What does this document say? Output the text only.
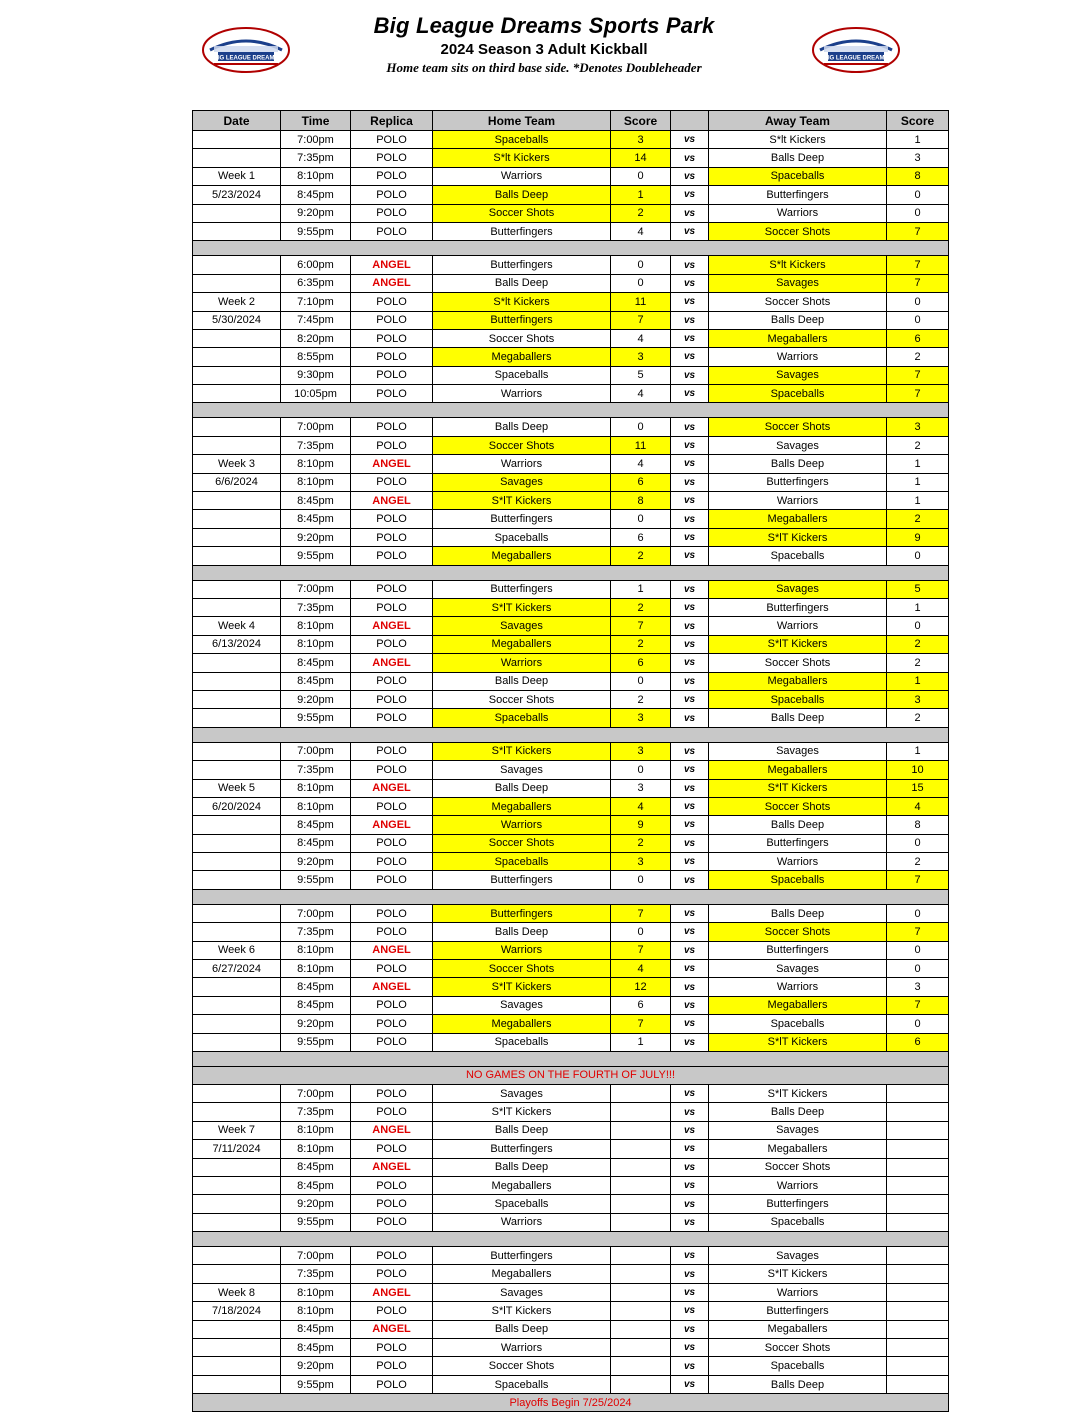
BIG LEAGUE DREAMS
Big League Dreams Sports Park
2024 Season 3 Adult Kickball
Home team sits on third base side. *Denotes Doubleheader
BIG LEAGUE DREAMS
Date	Time	Replica	Home Team	Score		Away Team	Score
	7:00pm	POLO	Spaceballs	3	vs	S*lt Kickers	1
	7:35pm	POLO	S*lt Kickers	14	vs	Balls Deep	3
Week 1	8:10pm	POLO	Warriors	0	vs	Spaceballs	8
5/23/2024	8:45pm	POLO	Balls Deep	1	vs	Butterfingers	0
	9:20pm	POLO	Soccer Shots	2	vs	Warriors	0
	9:55pm	POLO	Butterfingers	4	vs	Soccer Shots	7

	6:00pm	ANGEL	Butterfingers	0	vs	S*lt Kickers	7
	6:35pm	ANGEL	Balls Deep	0	vs	Savages	7
Week 2	7:10pm	POLO	S*lt Kickers	11	vs	Soccer Shots	0
5/30/2024	7:45pm	POLO	Butterfingers	7	vs	Balls Deep	0
	8:20pm	POLO	Soccer Shots	4	vs	Megaballers	6
	8:55pm	POLO	Megaballers	3	vs	Warriors	2
	9:30pm	POLO	Spaceballs	5	vs	Savages	7
	10:05pm	POLO	Warriors	4	vs	Spaceballs	7

	7:00pm	POLO	Balls Deep	0	vs	Soccer Shots	3
	7:35pm	POLO	Soccer Shots	11	vs	Savages	2
Week 3	8:10pm	ANGEL	Warriors	4	vs	Balls Deep	1
6/6/2024	8:10pm	POLO	Savages	6	vs	Butterfingers	1
	8:45pm	ANGEL	S*lT Kickers	8	vs	Warriors	1
	8:45pm	POLO	Butterfingers	0	vs	Megaballers	2
	9:20pm	POLO	Spaceballs	6	vs	S*lT Kickers	9
	9:55pm	POLO	Megaballers	2	vs	Spaceballs	0

	7:00pm	POLO	Butterfingers	1	vs	Savages	5
	7:35pm	POLO	S*lT Kickers	2	vs	Butterfingers	1
Week 4	8:10pm	ANGEL	Savages	7	vs	Warriors	0
6/13/2024	8:10pm	POLO	Megaballers	2	vs	S*lT Kickers	2
	8:45pm	ANGEL	Warriors	6	vs	Soccer Shots	2
	8:45pm	POLO	Balls Deep	0	vs	Megaballers	1
	9:20pm	POLO	Soccer Shots	2	vs	Spaceballs	3
	9:55pm	POLO	Spaceballs	3	vs	Balls Deep	2

	7:00pm	POLO	S*lT Kickers	3	vs	Savages	1
	7:35pm	POLO	Savages	0	vs	Megaballers	10
Week 5	8:10pm	ANGEL	Balls Deep	3	vs	S*lT Kickers	15
6/20/2024	8:10pm	POLO	Megaballers	4	vs	Soccer Shots	4
	8:45pm	ANGEL	Warriors	9	vs	Balls Deep	8
	8:45pm	POLO	Soccer Shots	2	vs	Butterfingers	0
	9:20pm	POLO	Spaceballs	3	vs	Warriors	2
	9:55pm	POLO	Butterfingers	0	vs	Spaceballs	7

	7:00pm	POLO	Butterfingers	7	vs	Balls Deep	0
	7:35pm	POLO	Balls Deep	0	vs	Soccer Shots	7
Week 6	8:10pm	ANGEL	Warriors	7	vs	Butterfingers	0
6/27/2024	8:10pm	POLO	Soccer Shots	4	vs	Savages	0
	8:45pm	ANGEL	S*lT Kickers	12	vs	Warriors	3
	8:45pm	POLO	Savages	6	vs	Megaballers	7
	9:20pm	POLO	Megaballers	7	vs	Spaceballs	0
	9:55pm	POLO	Spaceballs	1	vs	S*lT Kickers	6

NO GAMES ON THE FOURTH OF JULY!!!							
	7:00pm	POLO	Savages		vs	S*lT Kickers	
	7:35pm	POLO	S*lT Kickers		vs	Balls Deep	
Week 7	8:10pm	ANGEL	Balls Deep		vs	Savages	
7/11/2024	8:10pm	POLO	Butterfingers		vs	Megaballers	
	8:45pm	ANGEL	Balls Deep		vs	Soccer Shots	
	8:45pm	POLO	Megaballers		vs	Warriors	
	9:20pm	POLO	Spaceballs		vs	Butterfingers	
	9:55pm	POLO	Warriors		vs	Spaceballs	

	7:00pm	POLO	Butterfingers		vs	Savages	
	7:35pm	POLO	Megaballers		vs	S*lT Kickers	
Week 8	8:10pm	ANGEL	Savages		vs	Warriors	
7/18/2024	8:10pm	POLO	S*lT Kickers		vs	Butterfingers	
	8:45pm	ANGEL	Balls Deep		vs	Megaballers	
	8:45pm	POLO	Warriors		vs	Soccer Shots	
	9:20pm	POLO	Soccer Shots		vs	Spaceballs	
	9:55pm	POLO	Spaceballs		vs	Balls Deep	
Playoffs Begin 7/25/2024							
